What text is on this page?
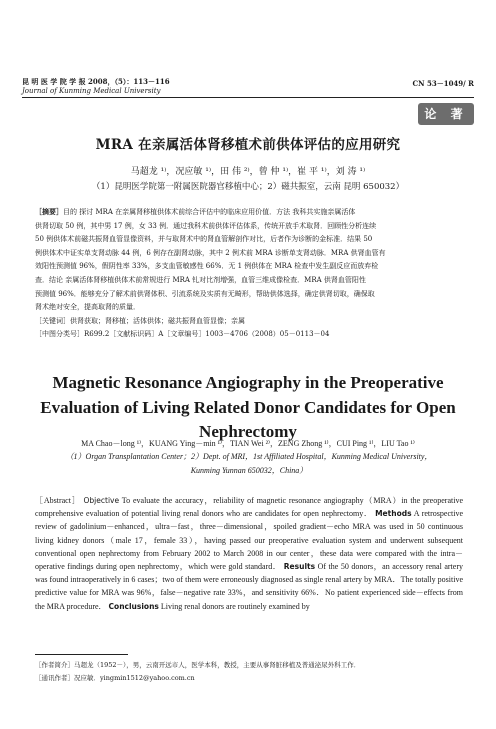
昆 明 医 学 院 学 报 2008，（5）：113－116
Journal of Kunming Medical University
CN 53－1049/ R
论 著
MRA 在亲属活体肾移植术前供体评估的应用研究
马超龙 ¹⁾，况应敏 ¹⁾，田 伟 ²⁾，曾 仲 ¹⁾，崔 平 ¹⁾，刘 涛 ¹⁾
（1）昆明医学院第一附属医院器官移植中心；2）磁共振室，云南 昆明 650032）
［摘要］目的 探讨 MRA 在亲属肾移植供体术前综合评估中的临床应用价值．方法 我科共实施亲属活体
供肾切取 50 例，其中男 17 例，女 33 例．通过我科术前供体评估体系，传统开放手术取肾．回顾性分析连续
50 例供体术前磁共振肾血管显像资料，并与取肾术中的肾血管解剖作对比，后者作为诊断的金标准．结果 50
例供体术中证实单支肾动脉 44 例，6 例存在副肾动脉，其中 2 例术前 MRA 诊断单支肾动脉．MRA 供肾血管有
效阳性预测值 96%，假阴性率 33%，多支血管敏感性 66%．无 1 例供体在 MRA 检查中发生副反应而放弃检
查．结论 亲属活体肾移植供体术前常规进行 MRA 钆对比剂增强，血管三维成像检查．MRA 供肾血管阳性
预测值 96%．能够充分了解术前供肾体积、引流系统及实质有无畸形，帮助供体选择，确定供肾切取，确保取
肾术绝对安全，提高取肾的质量．
［关键词］供肾获取；肾移植；活体供体；磁共振肾血管显像；亲属
［中图分类号］R699.2［文献标识码］A［文章编号］1003－4706（2008）05－0113－04
Magnetic Resonance Angiography in the Preoperative
Evaluation of Living Related Donor Candidates for Open
Nephrectomy
MA Chao－long ¹⁾，KUANG Ying－min ¹⁾，TIAN Wei ²⁾，ZENG Zhong ¹⁾，CUI Ping ¹⁾，LIU Tao ¹⁾
（1）Organ Transplantation Center；2）Dept. of MRI，1st Affiliated Hospital，Kunming Medical University，
Kunming Yunnan 650032，China）
［Abstract］ Objective To evaluate the accuracy，reliability of magnetic resonance angiography（MRA）in the preoperative comprehensive evaluation of potential living renal donors who are candidates for open nephrectomy． Methods A retrospective review of gadolinium－enhanced，ultra－fast，three－dimensional，spoiled gradient－echo MRA was used in 50 continuous living kidney donors（male 17，female 33），having passed our preoperative evaluation system and underwent subsequent conventional open nephrectomy from February 2002 to March 2008 in our center，these data were compared with the intra－operative findings during open nephrectomy，which were gold standard． Results Of the 50 donors，an accessory renal artery was found intraoperatively in 6 cases；two of them were erroneously diagnosed as single renal artery by MRA．The totally positive predictive value for MRA was 96%，false－negative rate 33%，and sensitivity 66%．No patient experienced side－effects from the MRA procedure． Conclusions Living renal donors are routinely examined by
［作者简介］马超龙（1952－），男，云南开远市人，医学本科，教授，主要从事肾脏移植及普通泌尿外科工作．
［通讯作者］况应敏．yingmin1512@yahoo.com.cn
